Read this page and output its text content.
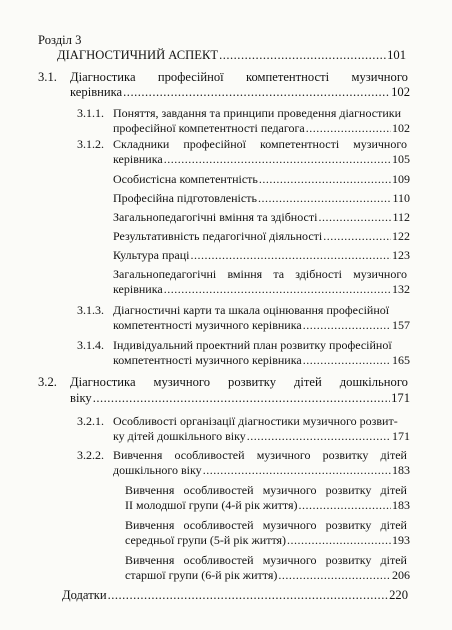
Розділ 3
ДІАГНОСТИЧНИЙ АСПЕКТ .....	101
3.1. Діагностика професійної компетентності музичного
керівника .....	102
3.1.1. Поняття, завдання та принципи проведення діагностики
професійної компетентності педагога .....	102
3.1.2. Складники професійної компетентності музичного
керівника .....	105
Особистісна компетентність .....	109
Професійна підготовленість .....	110
Загальнопедагогічні вміння та здібності .....	112
Результативність педагогічної діяльності .....	122
Культура праці .....	123
Загальнопедагогічні вміння та здібності музичного
керівника .....	132
3.1.3. Діагностичні карти та шкала оцінювання професійної
компетентності музичного керівника .....	157
3.1.4. Індивідуальний проектний план розвитку професійної
компетентності музичного керівника .....	165
3.2. Діагностика музичного розвитку дітей дошкільного
віку .....	171
3.2.1. Особливості організації діагностики музичного розвит-
ку дітей дошкільного віку .....	171
3.2.2. Вивчення особливостей музичного розвитку дітей
дошкільного віку .....	183
Вивчення особливостей музичного розвитку дітей
ІІ молодшої групи (4-й рік життя) .....	183
Вивчення особливостей музичного розвитку дітей
середньої групи (5-й рік життя) .....	193
Вивчення особливостей музичного розвитку дітей
старшої групи (6-й рік життя) .....	206
Додатки .....	220
